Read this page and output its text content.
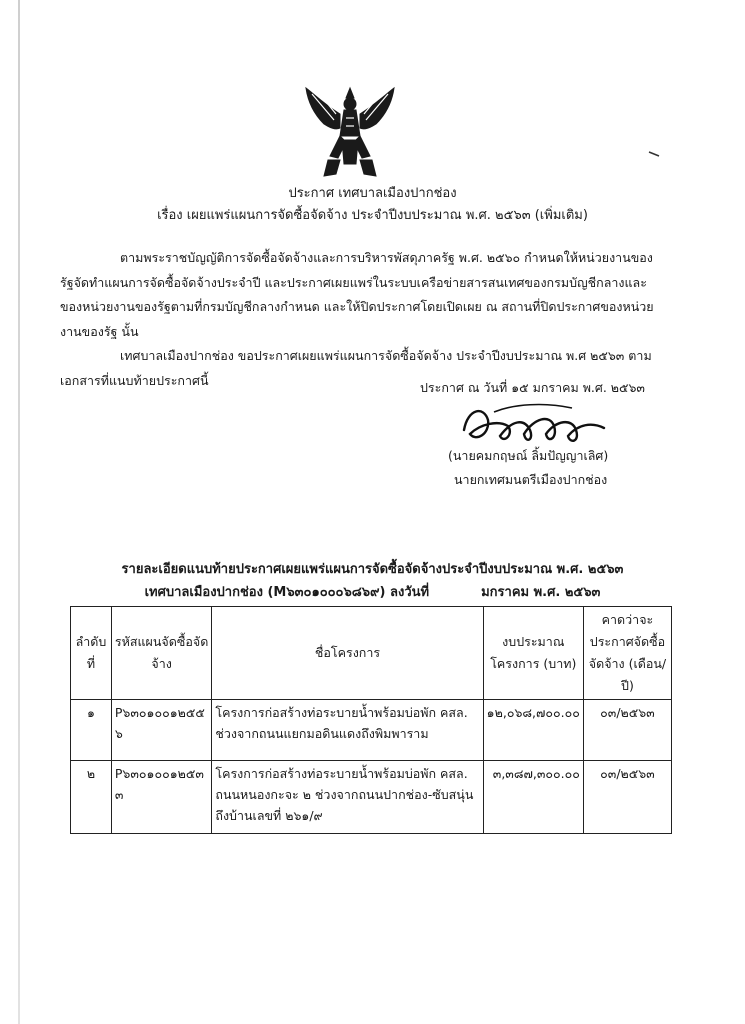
ประกาศ เทศบาลเมืองปากช่อง
เรื่อง เผยแพร่แผนการจัดซื้อจัดจ้าง ประจำปีงบประมาณ พ.ศ. ๒๕๖๓ (เพิ่มเติม)
ตามพระราชบัญญัติการจัดซื้อจัดจ้างและการบริหารพัสดุภาครัฐ พ.ศ. ๒๕๖๐ กำหนดให้หน่วยงานของรัฐจัดทำแผนการจัดซื้อจัดจ้างประจำปี และประกาศเผยแพร่ในระบบเครือข่ายสารสนเทศของกรมบัญชีกลางและของหน่วยงานของรัฐตามที่กรมบัญชีกลางกำหนด และให้ปิดประกาศโดยเปิดเผย ณ สถานที่ปิดประกาศของหน่วยงานของรัฐ นั้น
เทศบาลเมืองปากช่อง ขอประกาศเผยแพร่แผนการจัดซื้อจัดจ้าง ประจำปีงบประมาณ พ.ศ ๒๕๖๓ ตามเอกสารที่แนบท้ายประกาศนี้	ประกาศ ณ วันที่ ๑๕ มกราคม พ.ศ. ๒๕๖๓
(นายคมกฤษณ์ ลิ้มปัญญาเลิศ)
นายกเทศมนตรีเมืองปากช่อง
รายละเอียดแนบท้ายประกาศเผยแพร่แผนการจัดซื้อจัดจ้างประจำปีงบประมาณ พ.ศ. ๒๕๖๓
เทศบาลเมืองปากช่อง (M๖๓๐๑๐๐๐๖๘๖๙) ลงวันที่	มกราคม พ.ศ. ๒๕๖๓
ลำดับที่	รหัสแผนจัดซื้อจัดจ้าง	ชื่อโครงการ	งบประมาณโครงการ (บาท)	คาดว่าจะประกาศจัดซื้อจัดจ้าง (เดือน/ปี)
๑	P๖๓๐๑๐๐๑๒๕๕๖	โครงการก่อสร้างท่อระบายน้ำพร้อมบ่อพัก คสล. ช่วงจากถนนแยกมอดินแดงถึงพิมพาราม	๑๒,๐๖๘,๗๐๐.๐๐	๐๓/๒๕๖๓
๒	P๖๓๐๑๐๐๑๒๕๓๓	โครงการก่อสร้างท่อระบายน้ำพร้อมบ่อพัก คสล. ถนนหนองกะจะ ๒ ช่วงจากถนนปากช่อง-ซับสนุ่น ถึงบ้านเลขที่ ๒๖๑/๙	๓,๓๘๗,๓๐๐.๐๐	๐๓/๒๕๖๓
